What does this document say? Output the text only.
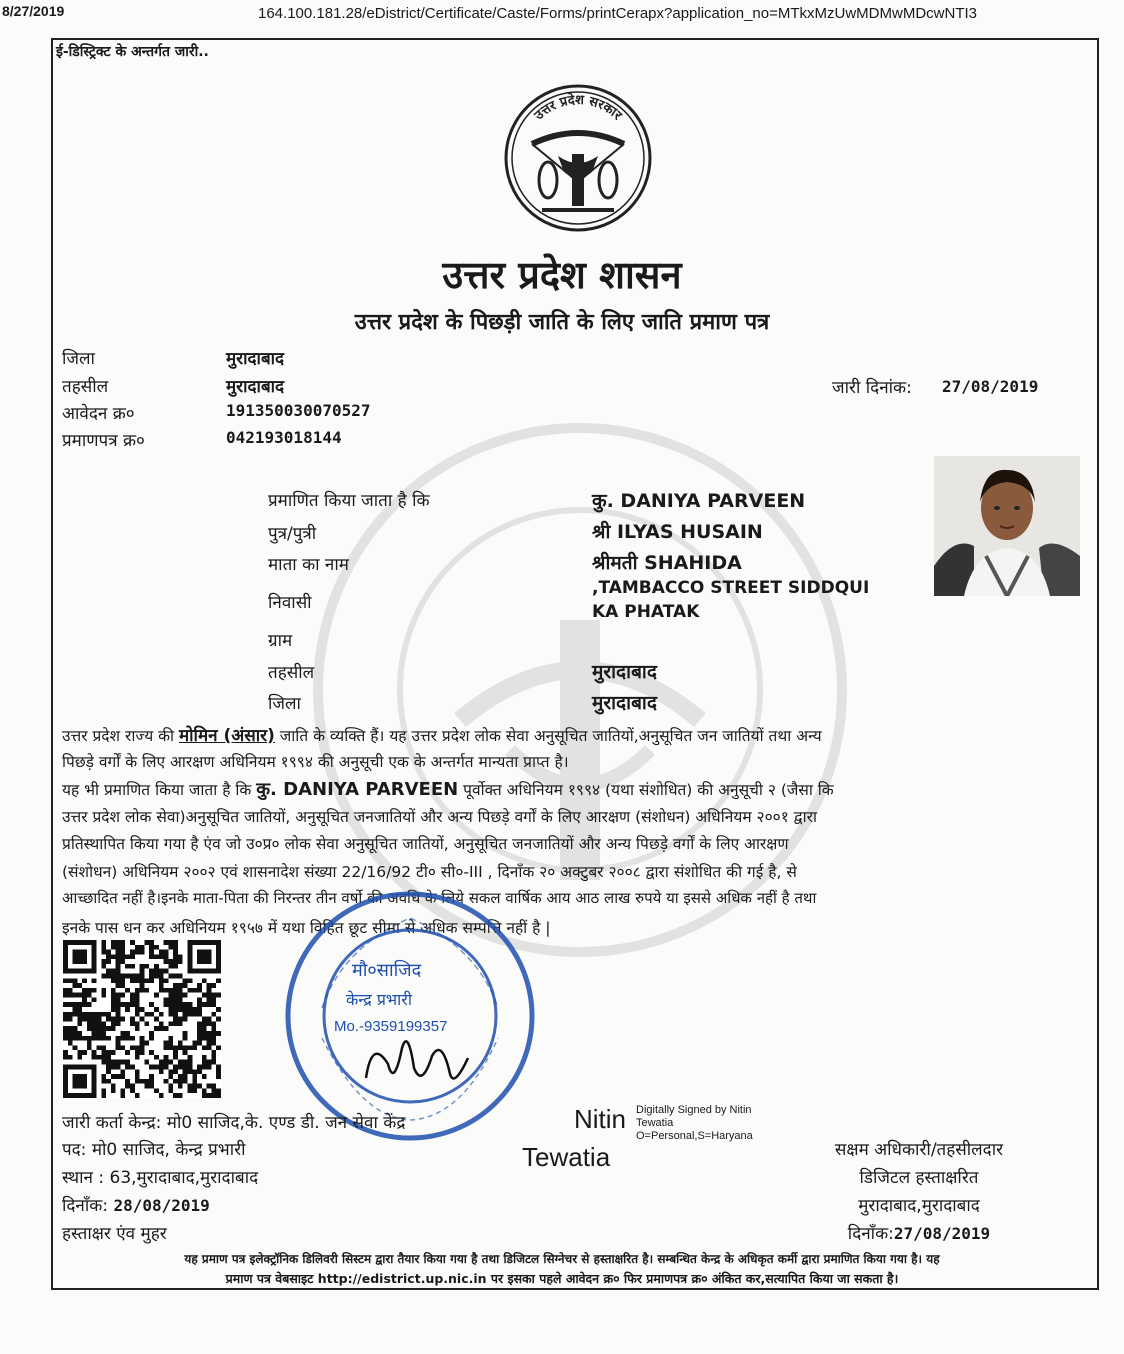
8/27/2019	164.100.181.28/eDistrict/Certificate/Caste/Forms/printCerapx?application_no=MTkxMzUwMDMwMDcwNTI3
ई-डिस्ट्रिक्ट के अन्तर्गत जारी..
उत्तर प्रदेश सरकार
उत्तर प्रदेश शासन
उत्तर प्रदेश के पिछड़ी जाति के लिए जाति प्रमाण पत्र
जिला	मुरादाबाद
तहसील	मुरादाबाद
आवेदन क्र०	191350030070527
प्रमाणपत्र क्र०	042193018144
जारी दिनांक: 27/08/2019
प्रमाणित किया जाता है कि	कु. DANIYA PARVEEN
पुत्र/पुत्री	श्री ILYAS HUSAIN
माता का नाम	श्रीमती SHAHIDA
निवासी
,TAMBACCO STREET SIDDQUI
KA PHATAK
ग्राम
तहसील	मुरादाबाद
जिला	मुरादाबाद
उत्तर प्रदेश राज्य की मोमिन (अंसार) जाति के व्यक्ति हैं। यह उत्तर प्रदेश लोक सेवा अनुसूचित जातियों,अनुसूचित जन जातियों तथा अन्य
पिछड़े वर्गों के लिए आरक्षण अधिनियम १९९४ की अनुसूची एक के अन्तर्गत मान्यता प्राप्त है।
यह भी प्रमाणित किया जाता है कि कु. DANIYA PARVEEN पूर्वोक्त अधिनियम १९९४ (यथा संशोधित) की अनुसूची २ (जैसा कि
उत्तर प्रदेश लोक सेवा)अनुसूचित जातियों, अनुसूचित जनजातियों और अन्य पिछड़े वर्गों के लिए आरक्षण (संशोधन) अधिनियम २००१ द्वारा
प्रतिस्थापित किया गया है एंव जो उ०प्र० लोक सेवा अनुसूचित जातियों, अनुसूचित जनजातियों और अन्य पिछड़े वर्गों के लिए आरक्षण
(संशोधन) अधिनियम २००२ एवं शासनादेश संख्या 22/16/92 टी० सी०-III , दिनाँक २० अक्टुबर २००८ द्वारा संशोधित की गई है, से
आच्छादित नहीं है।इनके माता-पिता की निरन्तर तीन वर्षो की अवधि के लिये सकल वार्षिक आय आठ लाख रुपये या इससे अधिक नहीं है तथा
इनके पास धन कर अधिनियम १९५७ में यथा विहित छूट सीमा से अधिक सम्पत्ति नहीं है |
मौ०साजिद
केन्द्र प्रभारी
Mo.-9359199357
जारी कर्ता केन्द्र: मो0 साजिद,के. एण्ड डी. जन सेवा केंद्र
पद: मो0 साजिद, केन्द्र प्रभारी
स्थान : 63,मुरादाबाद,मुरादाबाद
दिनाँक: 28/08/2019
हस्ताक्षर एंव मुहर
Nitin
Tewatia
Digitally Signed by Nitin
Tewatia
O=Personal,S=Haryana
सक्षम अधिकारी/तहसीलदार
डिजिटल हस्ताक्षरित
मुरादाबाद,मुरादाबाद
दिनाँक:27/08/2019
यह प्रमाण पत्र इलेक्ट्रॉनिक डिलिवरी सिस्टम द्वारा तैयार किया गया है तथा डिजिटल सिग्नेचर से हस्ताक्षरित है। सम्बन्धित केन्द्र के अधिकृत कर्मी द्वारा प्रमाणित किया गया है। यह
प्रमाण पत्र वेबसाइट http://edistrict.up.nic.in पर इसका पहले आवेदन क्र० फिर प्रमाणपत्र क्र० अंकित कर,सत्यापित किया जा सकता है।
